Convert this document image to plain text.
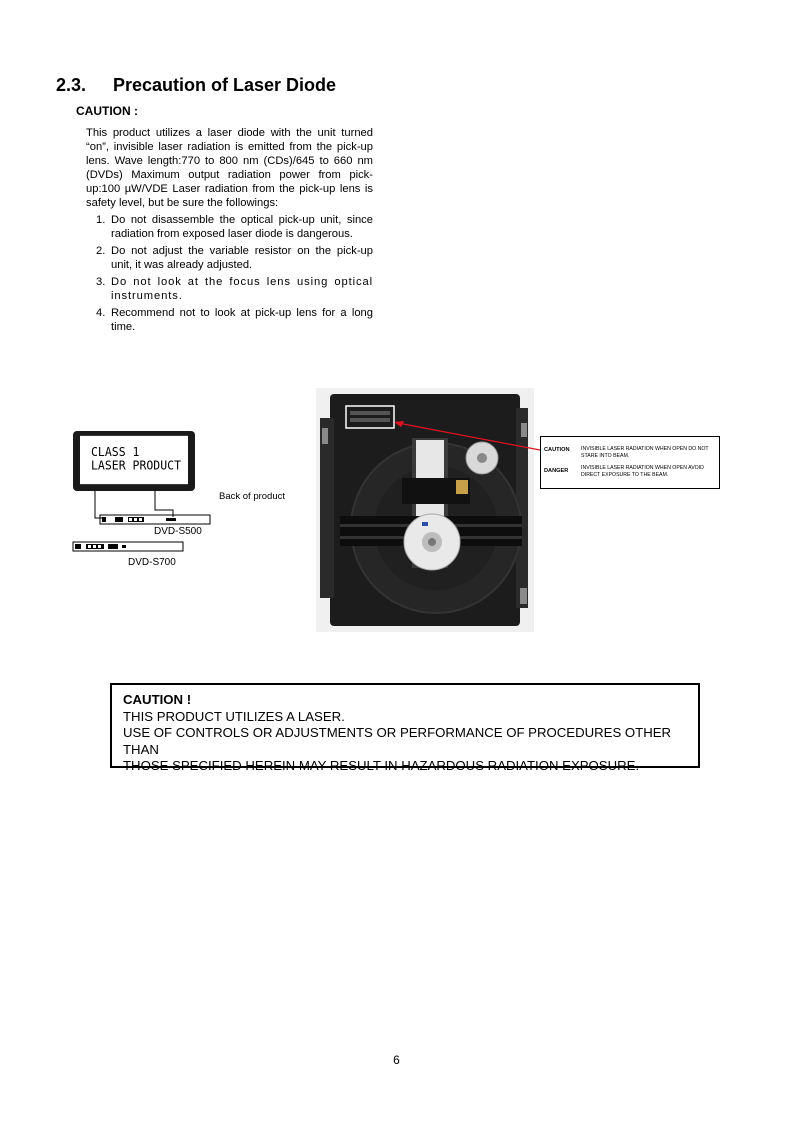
2.3. Precaution of Laser Diode
CAUTION :

This product utilizes a laser diode with the unit turned “on”, invisible laser radiation is emitted from the pick-up lens. Wave length:770 to 800 nm (CDs)/645 to 660 nm (DVDs) Maximum output radiation power from pick-up:100 µW/VDE Laser radiation from the pick-up lens is safety level, but be sure the followings:

1. Do not disassemble the optical pick-up unit, since radiation from exposed laser diode is dangerous.
2. Do not adjust the variable resistor on the pick-up unit, it was already adjusted.
3. Do not look at the focus lens using optical instruments.
4. Recommend not to look at pick-up lens for a long time.
CLASS 1
LASER PRODUCT
Back of product
DVD-S500
DVD-S700
CAUTION INVISIBLE LASER RADIATION WHEN OPEN DO NOT STARE INTO BEAM.
DANGER INVISIBLE LASER RADIATION WHEN OPEN AVOID DIRECT EXPOSURE TO THE BEAM.
CAUTION !
THIS PRODUCT UTILIZES A LASER.
USE OF CONTROLS OR ADJUSTMENTS OR PERFORMANCE OF PROCEDURES OTHER THAN
THOSE SPECIFIED HEREIN MAY RESULT IN HAZARDOUS RADIATION EXPOSURE.
6
